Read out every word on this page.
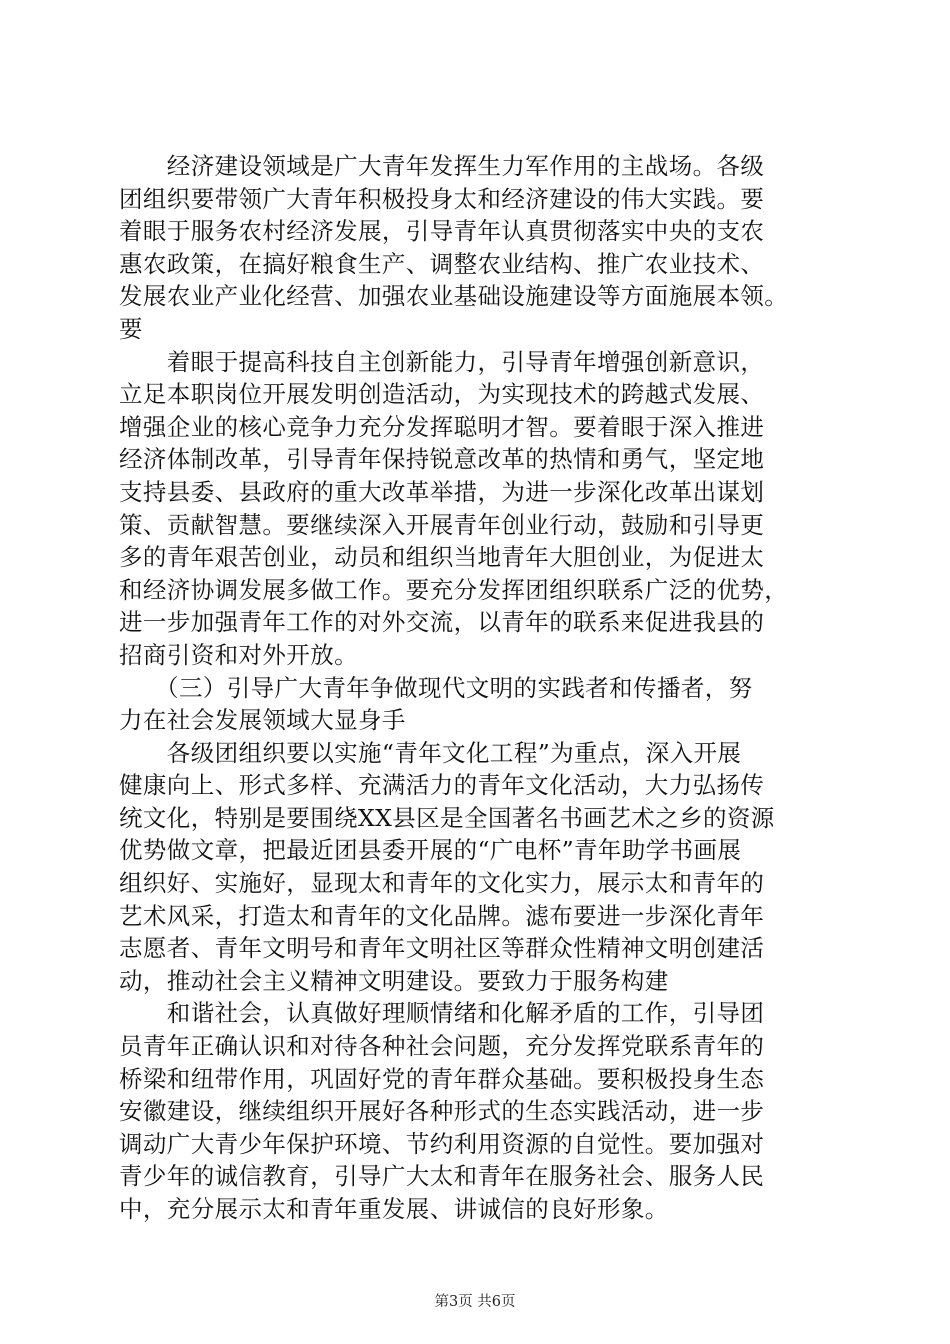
　　经济建设领域是广大青年发挥生力军作用的主战场。各级
团组织要带领广大青年积极投身太和经济建设的伟大实践。要
着眼于服务农村经济发展，引导青年认真贯彻落实中央的支农
惠农政策，在搞好粮食生产、调整农业结构、推广农业技术、
发展农业产业化经营、加强农业基础设施建设等方面施展本领。
要
　　着眼于提高科技自主创新能力，引导青年增强创新意识，
立足本职岗位开展发明创造活动，为实现技术的跨越式发展、
增强企业的核心竞争力充分发挥聪明才智。要着眼于深入推进
经济体制改革，引导青年保持锐意改革的热情和勇气，坚定地
支持县委、县政府的重大改革举措，为进一步深化改革出谋划
策、贡献智慧。要继续深入开展青年创业行动，鼓励和引导更
多的青年艰苦创业，动员和组织当地青年大胆创业，为促进太
和经济协调发展多做工作。要充分发挥团组织联系广泛的优势，
进一步加强青年工作的对外交流，以青年的联系来促进我县的
招商引资和对外开放。
　　（三）引导广大青年争做现代文明的实践者和传播者，努
力在社会发展领域大显身手
　　各级团组织要以实施“青年文化工程”为重点，深入开展
健康向上、形式多样、充满活力的青年文化活动，大力弘扬传
统文化，特别是要围绕XX县区是全国著名书画艺术之乡的资源
优势做文章，把最近团县委开展的“广电杯”青年助学书画展
组织好、实施好，显现太和青年的文化实力，展示太和青年的
艺术风采，打造太和青年的文化品牌。滤布要进一步深化青年
志愿者、青年文明号和青年文明社区等群众性精神文明创建活
动，推动社会主义精神文明建设。要致力于服务构建
　　和谐社会，认真做好理顺情绪和化解矛盾的工作，引导团
员青年正确认识和对待各种社会问题，充分发挥党联系青年的
桥梁和纽带作用，巩固好党的青年群众基础。要积极投身生态
安徽建设，继续组织开展好各种形式的生态实践活动，进一步
调动广大青少年保护环境、节约利用资源的自觉性。要加强对
青少年的诚信教育，引导广大太和青年在服务社会、服务人民
中，充分展示太和青年重发展、讲诚信的良好形象。
第3页 共6页
